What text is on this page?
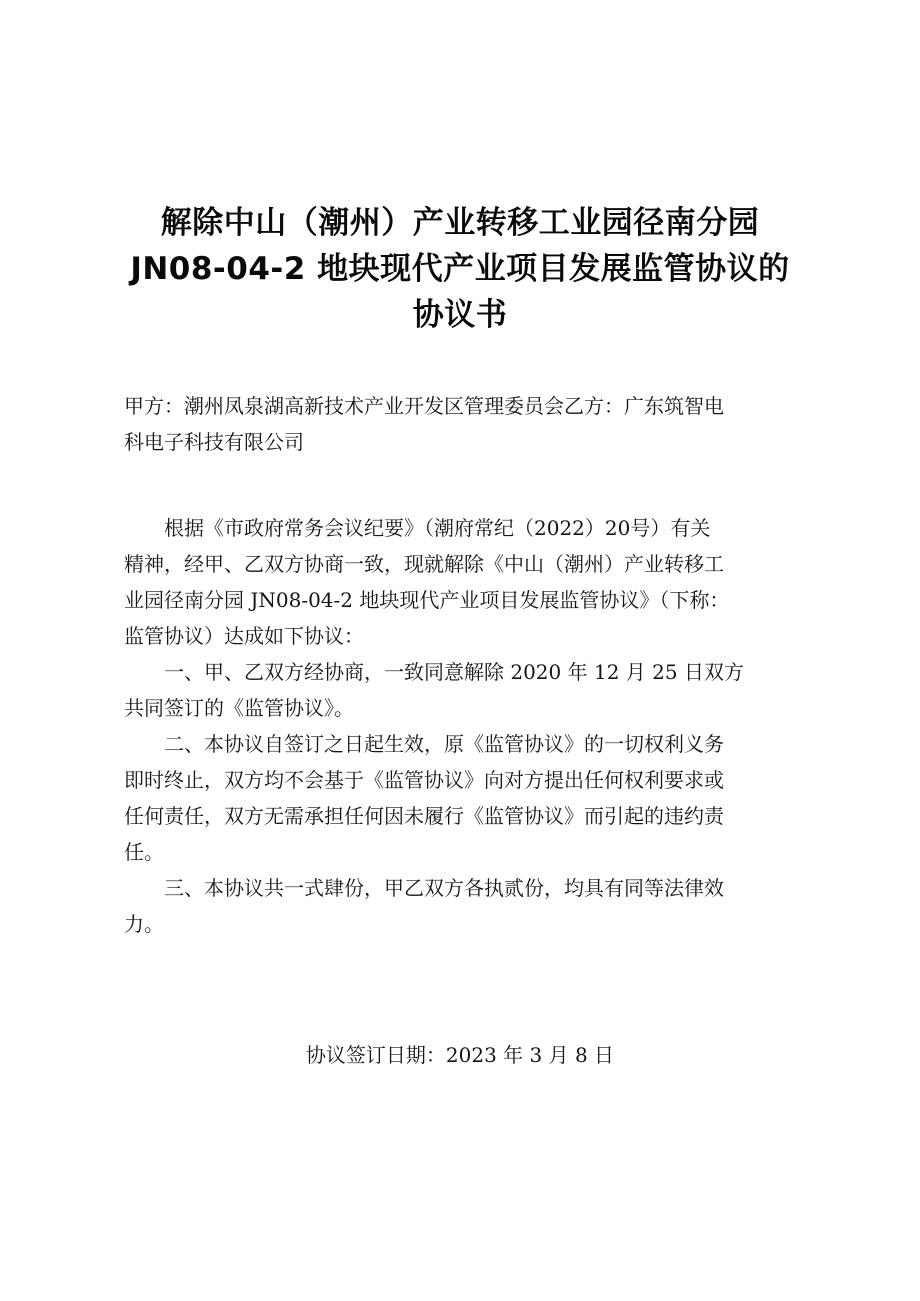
解除中山（潮州）产业转移工业园径南分园
JN08-04-2 地块现代产业项目发展监管协议的
协议书
甲方：潮州凤泉湖高新技术产业开发区管理委员会乙方：广东筑智电
科电子科技有限公司
　　根据《市政府常务会议纪要》（潮府常纪（2022）20号）有关
精神，经甲、乙双方协商一致，现就解除《中山（潮州）产业转移工
业园径南分园 JN08-04-2 地块现代产业项目发展监管协议》（下称：
监管协议）达成如下协议：
　　一、甲、乙双方经协商，一致同意解除 2020 年 12 月 25 日双方
共同签订的《监管协议》。
　　二、本协议自签订之日起生效，原《监管协议》的一切权利义务
即时终止，双方均不会基于《监管协议》向对方提出任何权利要求或
任何责任，双方无需承担任何因未履行《监管协议》而引起的违约责
任。
　　三、本协议共一式肆份，甲乙双方各执贰份，均具有同等法律效
力。
协议签订日期：2023 年 3 月 8 日
